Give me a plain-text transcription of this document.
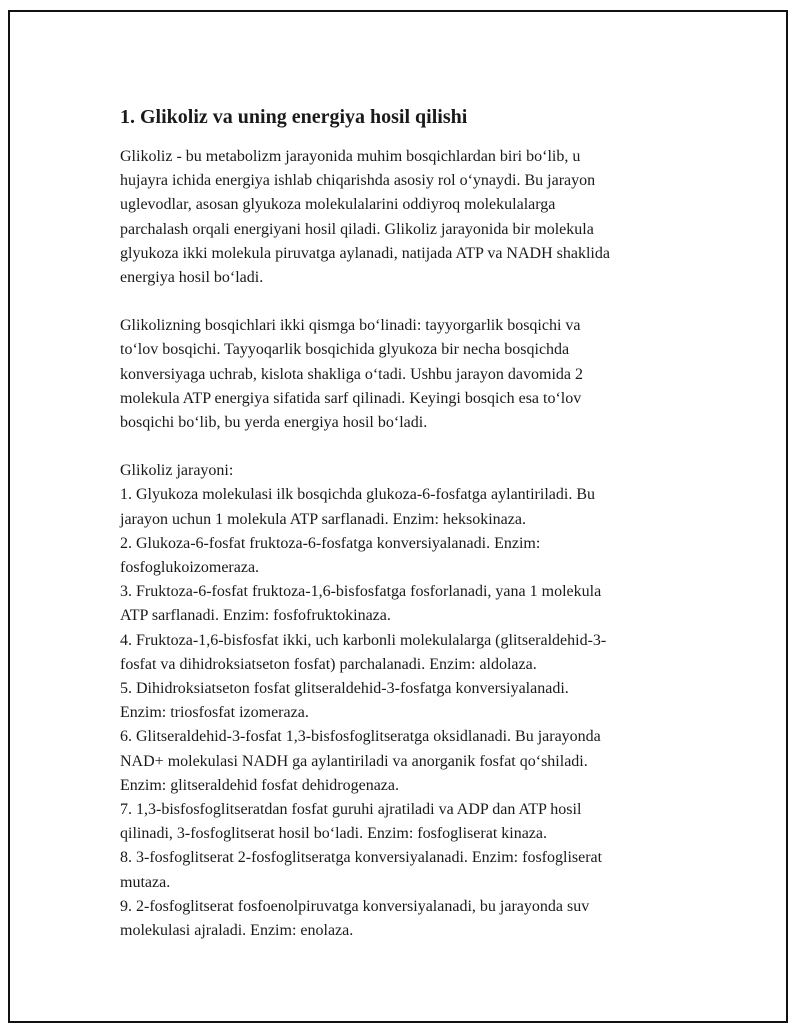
1. Glikoliz va uning energiya hosil qilishi
Glikoliz - bu metabolizm jarayonida muhim bosqichlardan biri bo‘lib, u
hujayra ichida energiya ishlab chiqarishda asosiy rol o‘ynaydi. Bu jarayon
uglevodlar, asosan glyukoza molekulalarini oddiyroq molekulalarga
parchalash orqali energiyani hosil qiladi. Glikoliz jarayonida bir molekula
glyukoza ikki molekula piruvatga aylanadi, natijada ATP va NADH shaklida
energiya hosil bo‘ladi.
Glikolizning bosqichlari ikki qismga bo‘linadi: tayyorgarlik bosqichi va
to‘lov bosqichi. Tayyoqarlik bosqichida glyukoza bir necha bosqichda
konversiyaga uchrab, kislota shakliga o‘tadi. Ushbu jarayon davomida 2
molekula ATP energiya sifatida sarf qilinadi. Keyingi bosqich esa to‘lov
bosqichi bo‘lib, bu yerda energiya hosil bo‘ladi.
Glikoliz jarayoni:
1. Glyukoza molekulasi ilk bosqichda glukoza-6-fosfatga aylantiriladi. Bu
jarayon uchun 1 molekula ATP sarflanadi. Enzim: heksokinaza.
2. Glukoza-6-fosfat fruktoza-6-fosfatga konversiyalanadi. Enzim:
fosfoglukoizomeraza.
3. Fruktoza-6-fosfat fruktoza-1,6-bisfosfatga fosforlanadi, yana 1 molekula
ATP sarflanadi. Enzim: fosfofruktokinaza.
4. Fruktoza-1,6-bisfosfat ikki, uch karbonli molekulalarga (glitseraldehid-3-
fosfat va dihidroksiatseton fosfat) parchalanadi. Enzim: aldolaza.
5. Dihidroksiatseton fosfat glitseraldehid-3-fosfatga konversiyalanadi.
Enzim: triosfosfat izomeraza.
6. Glitseraldehid-3-fosfat 1,3-bisfosfoglitseratga oksidlanadi. Bu jarayonda
NAD+ molekulasi NADH ga aylantiriladi va anorganik fosfat qo‘shiladi.
Enzim: glitseraldehid fosfat dehidrogenaza.
7. 1,3-bisfosfoglitseratdan fosfat guruhi ajratiladi va ADP dan ATP hosil
qilinadi, 3-fosfoglitserat hosil bo‘ladi. Enzim: fosfogliserat kinaza.
8. 3-fosfoglitserat 2-fosfoglitseratga konversiyalanadi. Enzim: fosfogliserat
mutaza.
9. 2-fosfoglitserat fosfoenolpiruvatga konversiyalanadi, bu jarayonda suv
molekulasi ajraladi. Enzim: enolaza.
